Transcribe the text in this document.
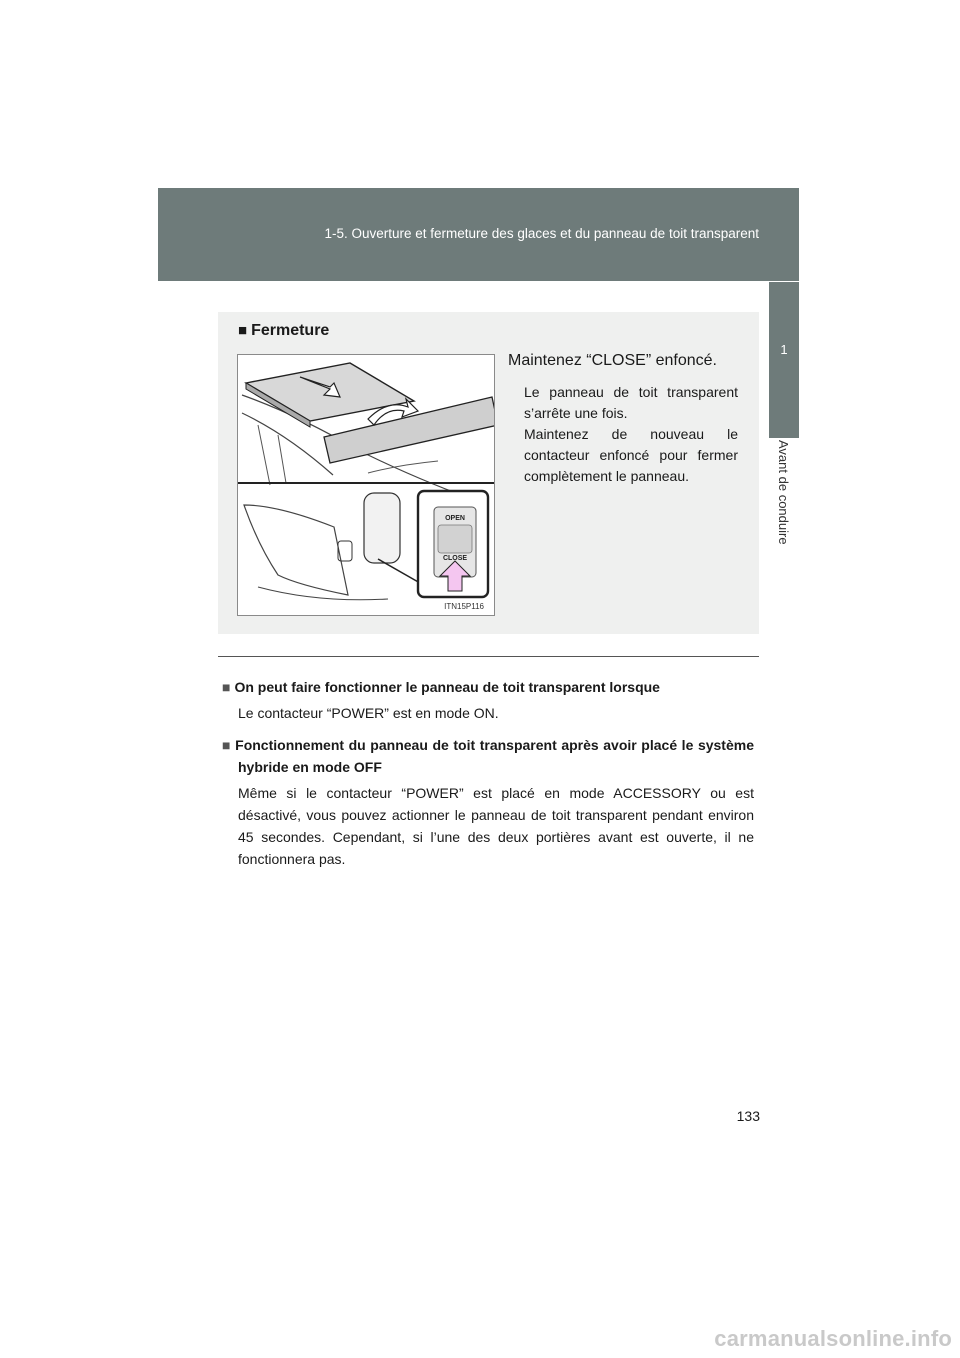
1-5. Ouverture et fermeture des glaces et du panneau de toit transparent
1
Avant de conduire
■ Fermeture
OPEN
CLOSE
ITN15P116
Maintenez “CLOSE” enfoncé.

Le panneau de toit transparent s’arrête une fois.

Maintenez de nouveau le contacteur enfoncé pour fermer complètement le panneau.

■ On peut faire fonctionner le panneau de toit transparent lorsque
Le contacteur “POWER” est en mode ON.
■ Fonctionnement du panneau de toit transparent après avoir placé le système hybride en mode OFF
Même si le contacteur “POWER” est placé en mode ACCESSORY ou est désactivé, vous pouvez actionner le panneau de toit transparent pendant environ 45 secondes. Cependant, si l’une des deux portières avant est ouverte, il ne fonctionnera pas.
133
carmanualsonline.info
